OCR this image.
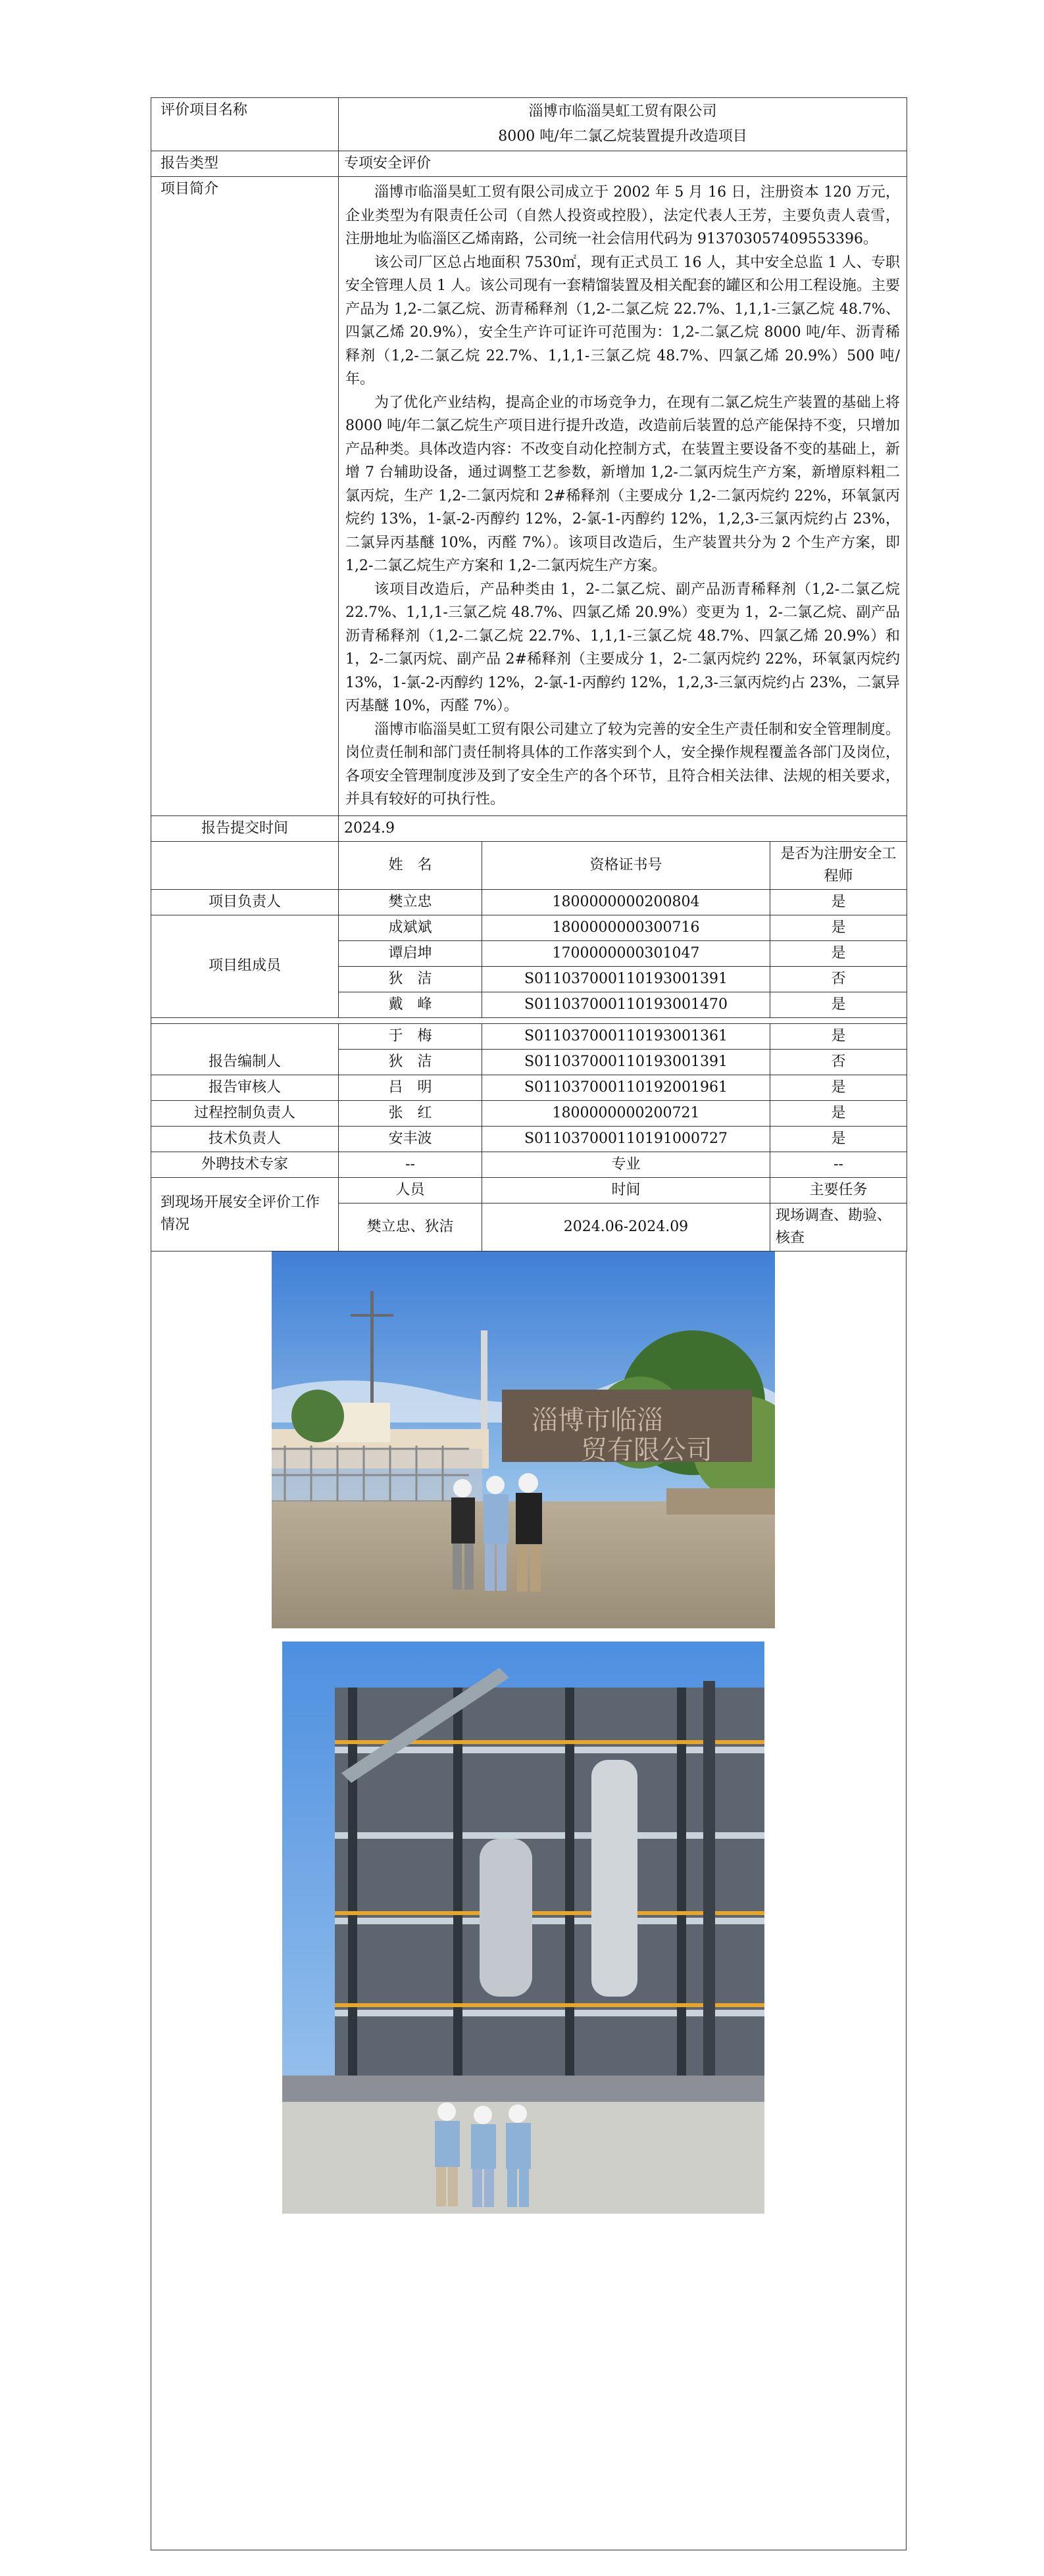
评价项目名称	淄博市临淄昊虹工贸有限公司
8000 吨/年二氯乙烷装置提升改造项目		

报告类型	专项安全评价		
项目简介	淄博市临淄昊虹工贸有限公司成立于 2002 年 5 月 16 日，注册资本 120 万元，企业类型为有限责任公司（自然人投资或控股），法定代表人王芳，主要负责人袁雪，注册地址为临淄区乙烯南路，公司统一社会信用代码为 913703057409553396。

该公司厂区总占地面积 7530㎡，现有正式员工 16 人，其中安全总监 1 人、专职安全管理人员 1 人。该公司现有一套精馏装置及相关配套的罐区和公用工程设施。主要产品为 1,2-二氯乙烷、沥青稀释剂（1,2-二氯乙烷 22.7%、1,1,1-三氯乙烷 48.7%、四氯乙烯 20.9%），安全生产许可证许可范围为：1,2-二氯乙烷 8000 吨/年、沥青稀释剂（1,2-二氯乙烷 22.7%、1,1,1-三氯乙烷 48.7%、四氯乙烯 20.9%）500 吨/年。

为了优化产业结构，提高企业的市场竞争力，在现有二氯乙烷生产装置的基础上将 8000 吨/年二氯乙烷生产项目进行提升改造，改造前后装置的总产能保持不变，只增加产品种类。具体改造内容：不改变自动化控制方式，在装置主要设备不变的基础上，新增 7 台辅助设备，通过调整工艺参数，新增加 1,2-二氯丙烷生产方案，新增原料粗二氯丙烷，生产 1,2-二氯丙烷和 2#稀释剂（主要成分 1,2-二氯丙烷约 22%，环氧氯丙烷约 13%，1-氯-2-丙醇约 12%，2-氯-1-丙醇约 12%，1,2,3-三氯丙烷约占 23%，二氯异丙基醚 10%，丙醛 7%）。该项目改造后，生产装置共分为 2 个生产方案，即 1,2-二氯乙烷生产方案和 1,2-二氯丙烷生产方案。

该项目改造后，产品种类由 1，2-二氯乙烷、副产品沥青稀释剂（1,2-二氯乙烷 22.7%、1,1,1-三氯乙烷 48.7%、四氯乙烯 20.9%）变更为 1，2-二氯乙烷、副产品沥青稀释剂（1,2-二氯乙烷 22.7%、1,1,1-三氯乙烷 48.7%、四氯乙烯 20.9%）和 1，2-二氯丙烷、副产品 2#稀释剂（主要成分 1，2-二氯丙烷约 22%，环氧氯丙烷约 13%，1-氯-2-丙醇约 12%，2-氯-1-丙醇约 12%，1,2,3-三氯丙烷约占 23%，二氯异丙基醚 10%，丙醛 7%）。

淄博市临淄昊虹工贸有限公司建立了较为完善的安全生产责任制和安全管理制度。岗位责任制和部门责任制将具体的工作落实到个人，安全操作规程覆盖各部门及岗位，各项安全管理制度涉及到了安全生产的各个环节，且符合相关法律、法规的相关要求，并具有较好的可执行性。		

报告提交时间	2024.9		
	姓　名	资格证书号	是否为注册安全工程师
项目负责人	樊立忠	1800000000200804	是
项目组成员	成斌斌	1800000000300716	是
	谭启坤	1700000000301047	是
	狄　洁	S011037000110193001391	否
	戴　峰	S011037000110193001470	是

报告编制人	于　梅	S011037000110193001361	是
	狄　洁	S011037000110193001391	否
报告审核人	吕　明	S011037000110192001961	是
过程控制负责人	张　红	1800000000200721	是
技术负责人	安丰波	S011037000110191000727	是
外聘技术专家	--	专业	--
到现场开展安全评价工作情况	人员	时间	主要任务
	樊立忠、狄洁	2024.06-2024.09	现场调查、勘验、核查
淄博市临淄
贸有限公司
